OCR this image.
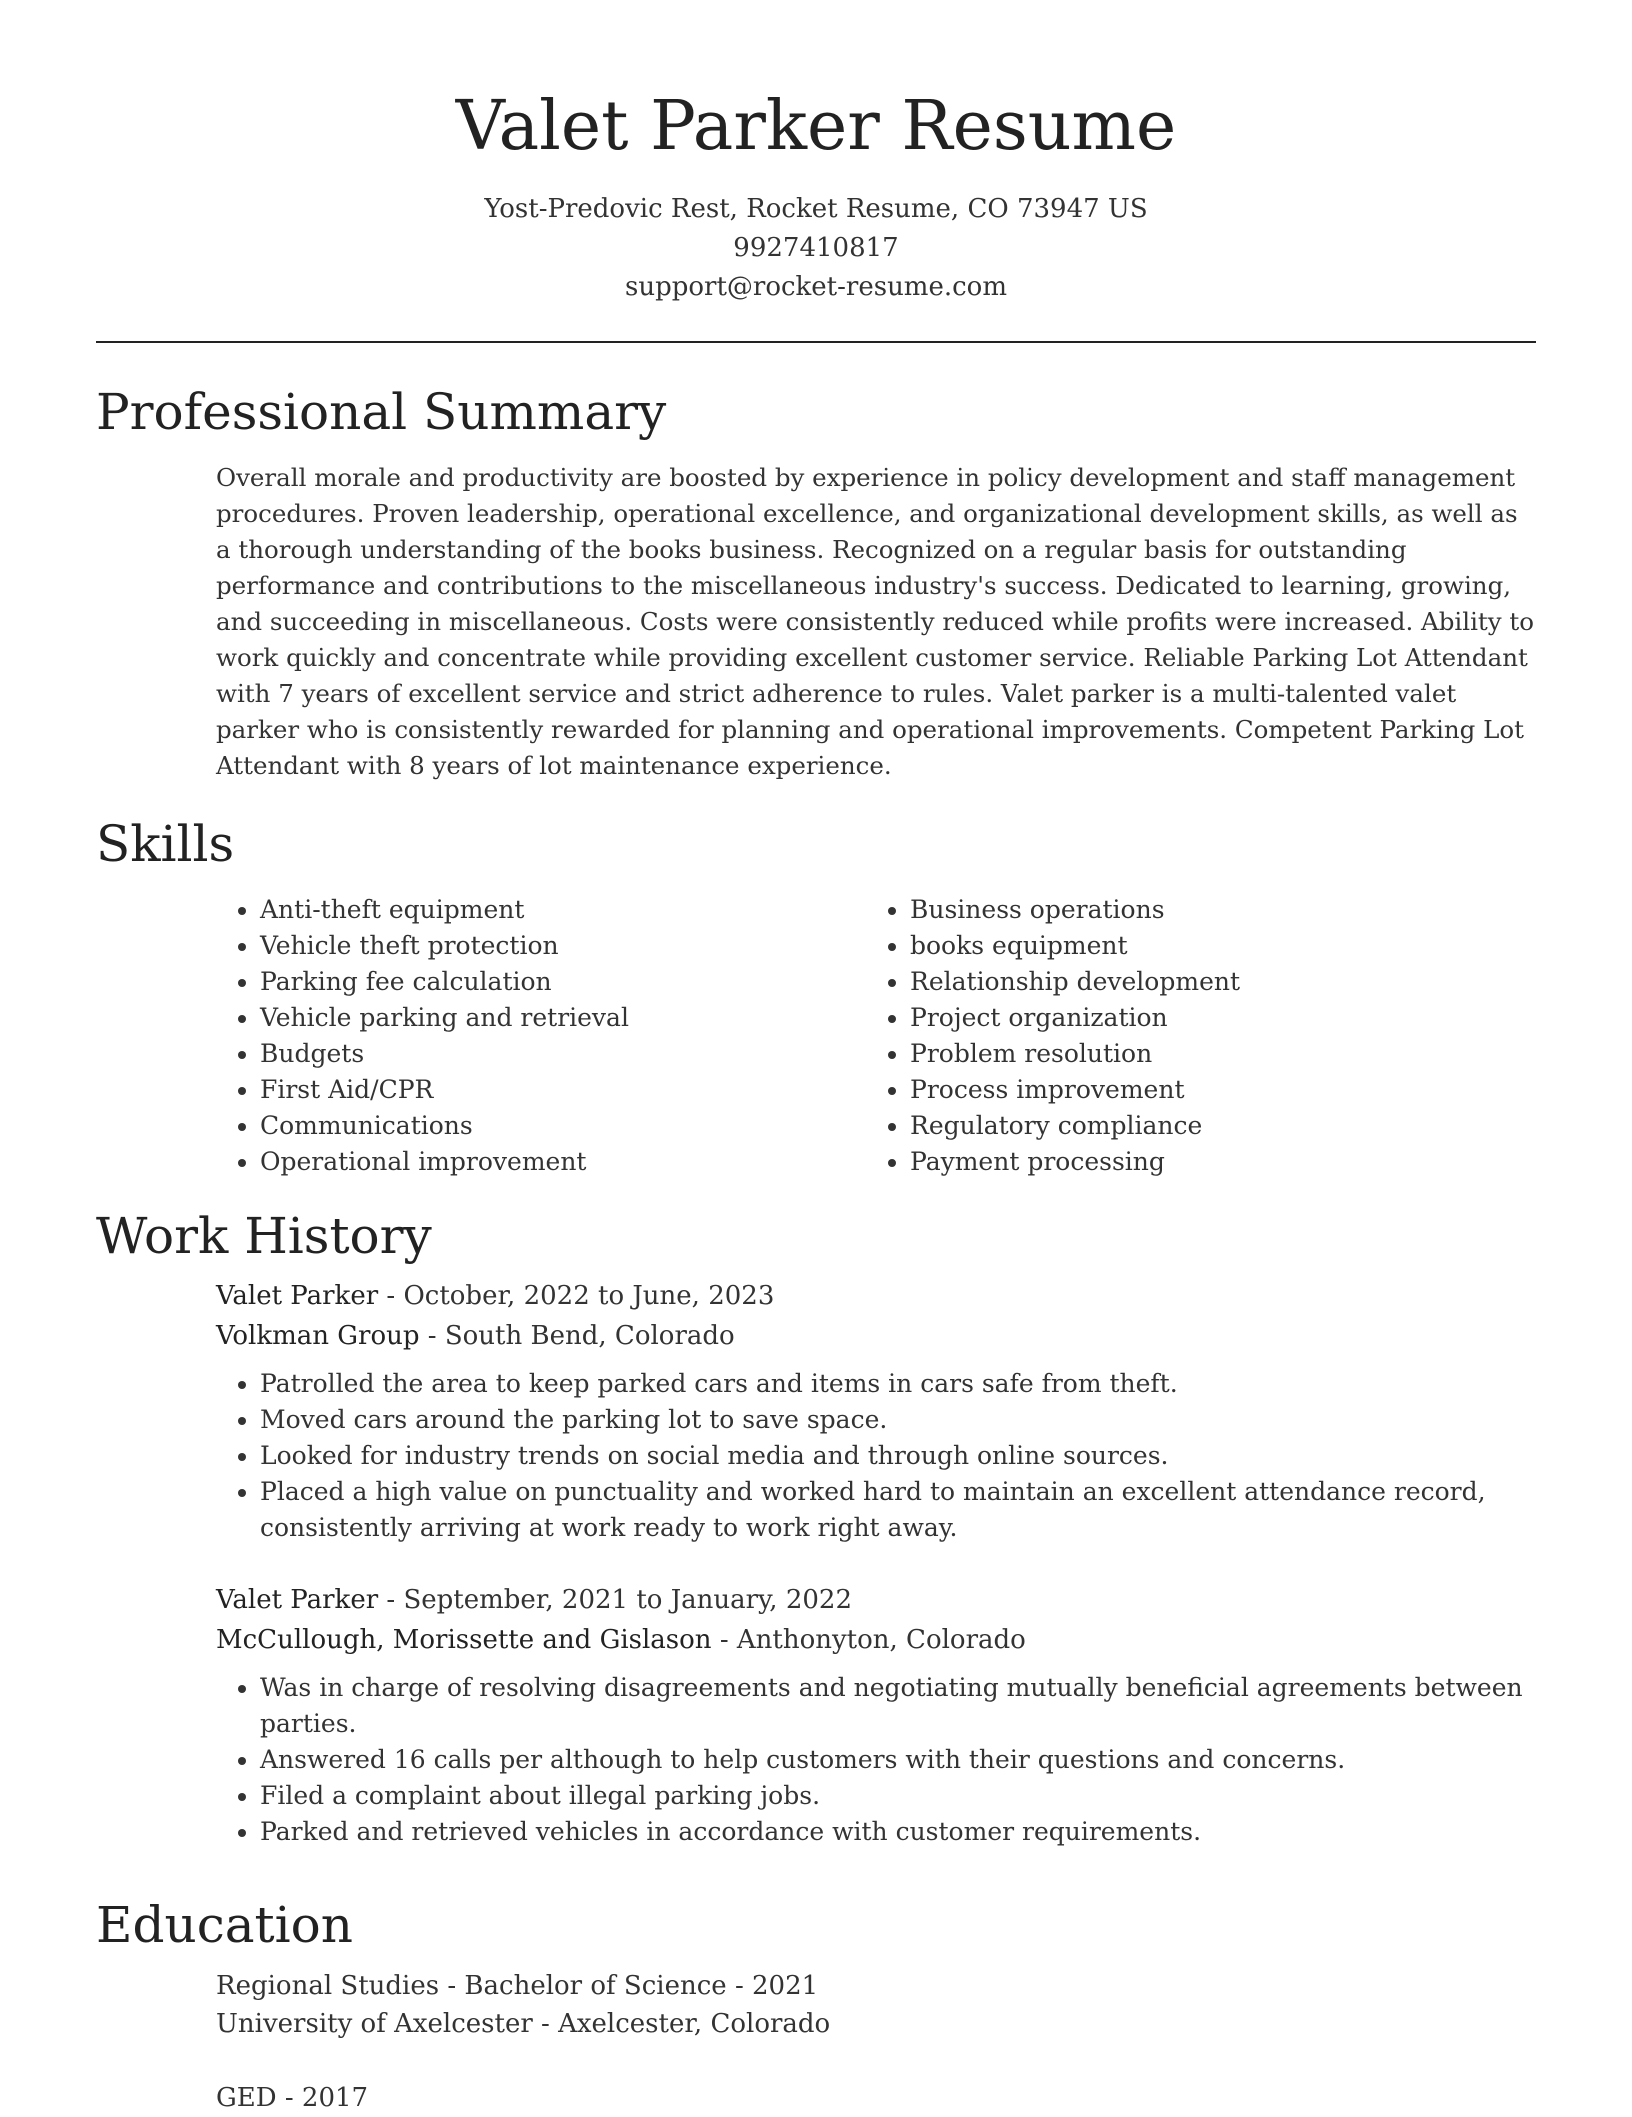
Valet Parker Resume
Yost-Predovic Rest, Rocket Resume, CO 73947 US
9927410817
support@rocket-resume.com
Professional Summary
Overall morale and productivity are boosted by experience in policy development and staff management procedures. Proven leadership, operational excellence, and organizational development skills, as well as a thorough understanding of the books business. Recognized on a regular basis for outstanding performance and contributions to the miscellaneous industry's success. Dedicated to learning, growing, and succeeding in miscellaneous. Costs were consistently reduced while profits were increased. Ability to work quickly and concentrate while providing excellent customer service. Reliable Parking Lot Attendant with 7 years of excellent service and strict adherence to rules. Valet parker is a multi-talented valet parker who is consistently rewarded for planning and operational improvements. Competent Parking Lot Attendant with 8 years of lot maintenance experience.
Skills
• Anti-theft equipment
• Vehicle theft protection
• Parking fee calculation
• Vehicle parking and retrieval
• Budgets
• First Aid/CPR
• Communications
• Operational improvement
• Business operations
• books equipment
• Relationship development
• Project organization
• Problem resolution
• Process improvement
• Regulatory compliance
• Payment processing
Work History
Valet Parker - October, 2022 to June, 2023
Volkman Group - South Bend, Colorado
• Patrolled the area to keep parked cars and items in cars safe from theft.
• Moved cars around the parking lot to save space.
• Looked for industry trends on social media and through online sources.
• Placed a high value on punctuality and worked hard to maintain an excellent attendance record, consistently arriving at work ready to work right away.
Valet Parker - September, 2021 to January, 2022
McCullough, Morissette and Gislason - Anthonyton, Colorado
• Was in charge of resolving disagreements and negotiating mutually beneficial agreements between parties.
• Answered 16 calls per although to help customers with their questions and concerns.
• Filed a complaint about illegal parking jobs.
• Parked and retrieved vehicles in accordance with customer requirements.
Education
Regional Studies - Bachelor of Science - 2021
University of Axelcester - Axelcester, Colorado
GED - 2017
